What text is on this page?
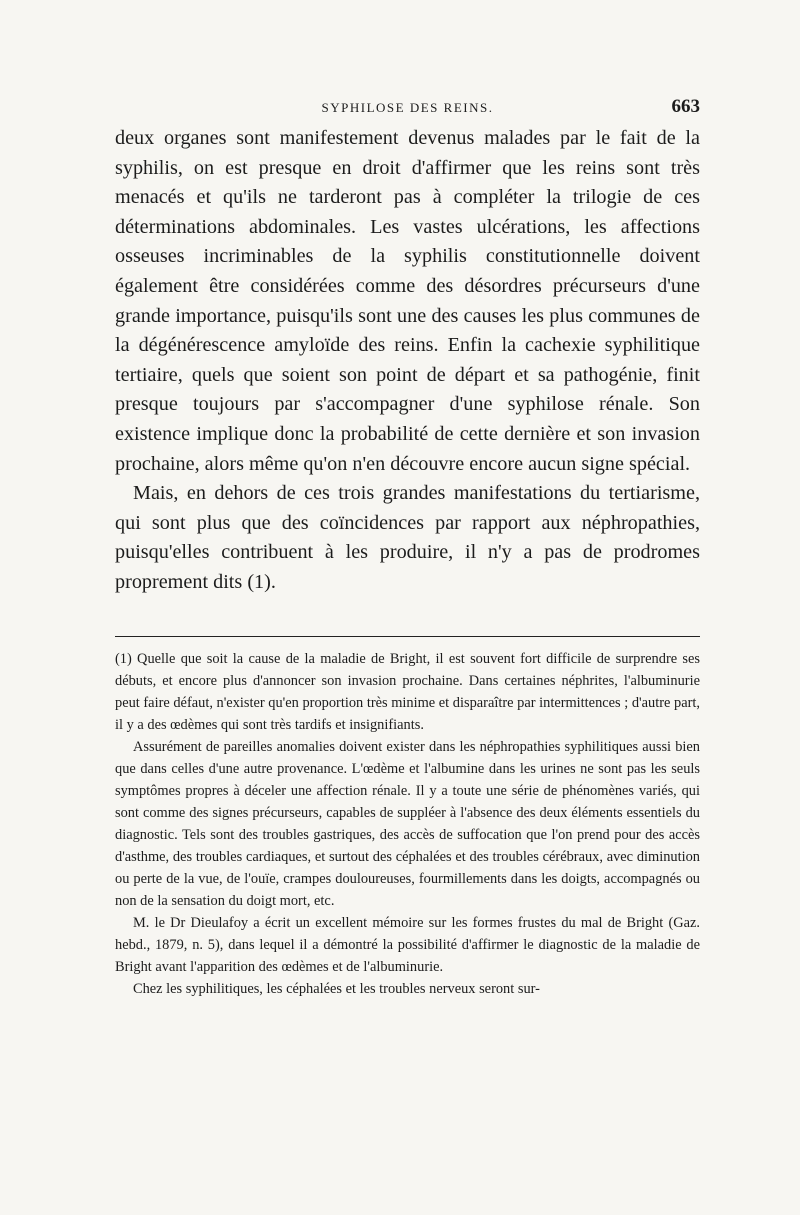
SYPHILOSE DES REINS.	663

deux organes sont manifestement devenus malades par le fait de la syphilis, on est presque en droit d'affirmer que les reins sont très menacés et qu'ils ne tarderont pas à compléter la trilogie de ces déterminations abdominales. Les vastes ulcérations, les affections osseuses incriminables de la syphilis constitutionnelle doivent également être considérées comme des désordres précurseurs d'une grande importance, puisqu'ils sont une des causes les plus communes de la dégénérescence amyloïde des reins. Enfin la cachexie syphilitique tertiaire, quels que soient son point de départ et sa pathogénie, finit presque toujours par s'accompagner d'une syphilose rénale. Son existence implique donc la probabilité de cette dernière et son invasion prochaine, alors même qu'on n'en découvre encore aucun signe spécial.

Mais, en dehors de ces trois grandes manifestations du tertiarisme, qui sont plus que des coïncidences par rapport aux néphropathies, puisqu'elles contribuent à les produire, il n'y a pas de prodromes proprement dits (1).

(1) Quelle que soit la cause de la maladie de Bright, il est souvent fort difficile de surprendre ses débuts, et encore plus d'annoncer son invasion prochaine. Dans certaines néphrites, l'albuminurie peut faire défaut, n'exister qu'en proportion très minime et disparaître par intermittences ; d'autre part, il y a des œdèmes qui sont très tardifs et insignifiants.

Assurément de pareilles anomalies doivent exister dans les néphropathies syphilitiques aussi bien que dans celles d'une autre provenance. L'œdème et l'albumine dans les urines ne sont pas les seuls symptômes propres à déceler une affection rénale. Il y a toute une série de phénomènes variés, qui sont comme des signes précurseurs, capables de suppléer à l'absence des deux éléments essentiels du diagnostic. Tels sont des troubles gastriques, des accès de suffocation que l'on prend pour des accès d'asthme, des troubles cardiaques, et surtout des céphalées et des troubles cérébraux, avec diminution ou perte de la vue, de l'ouïe, crampes douloureuses, fourmillements dans les doigts, accompagnés ou non de la sensation du doigt mort, etc.

M. le Dr Dieulafoy a écrit un excellent mémoire sur les formes frustes du mal de Bright (Gaz. hebd., 1879, n. 5), dans lequel il a démontré la possibilité d'affirmer le diagnostic de la maladie de Bright avant l'apparition des œdèmes et de l'albuminurie.

Chez les syphilitiques, les céphalées et les troubles nerveux seront sur-
